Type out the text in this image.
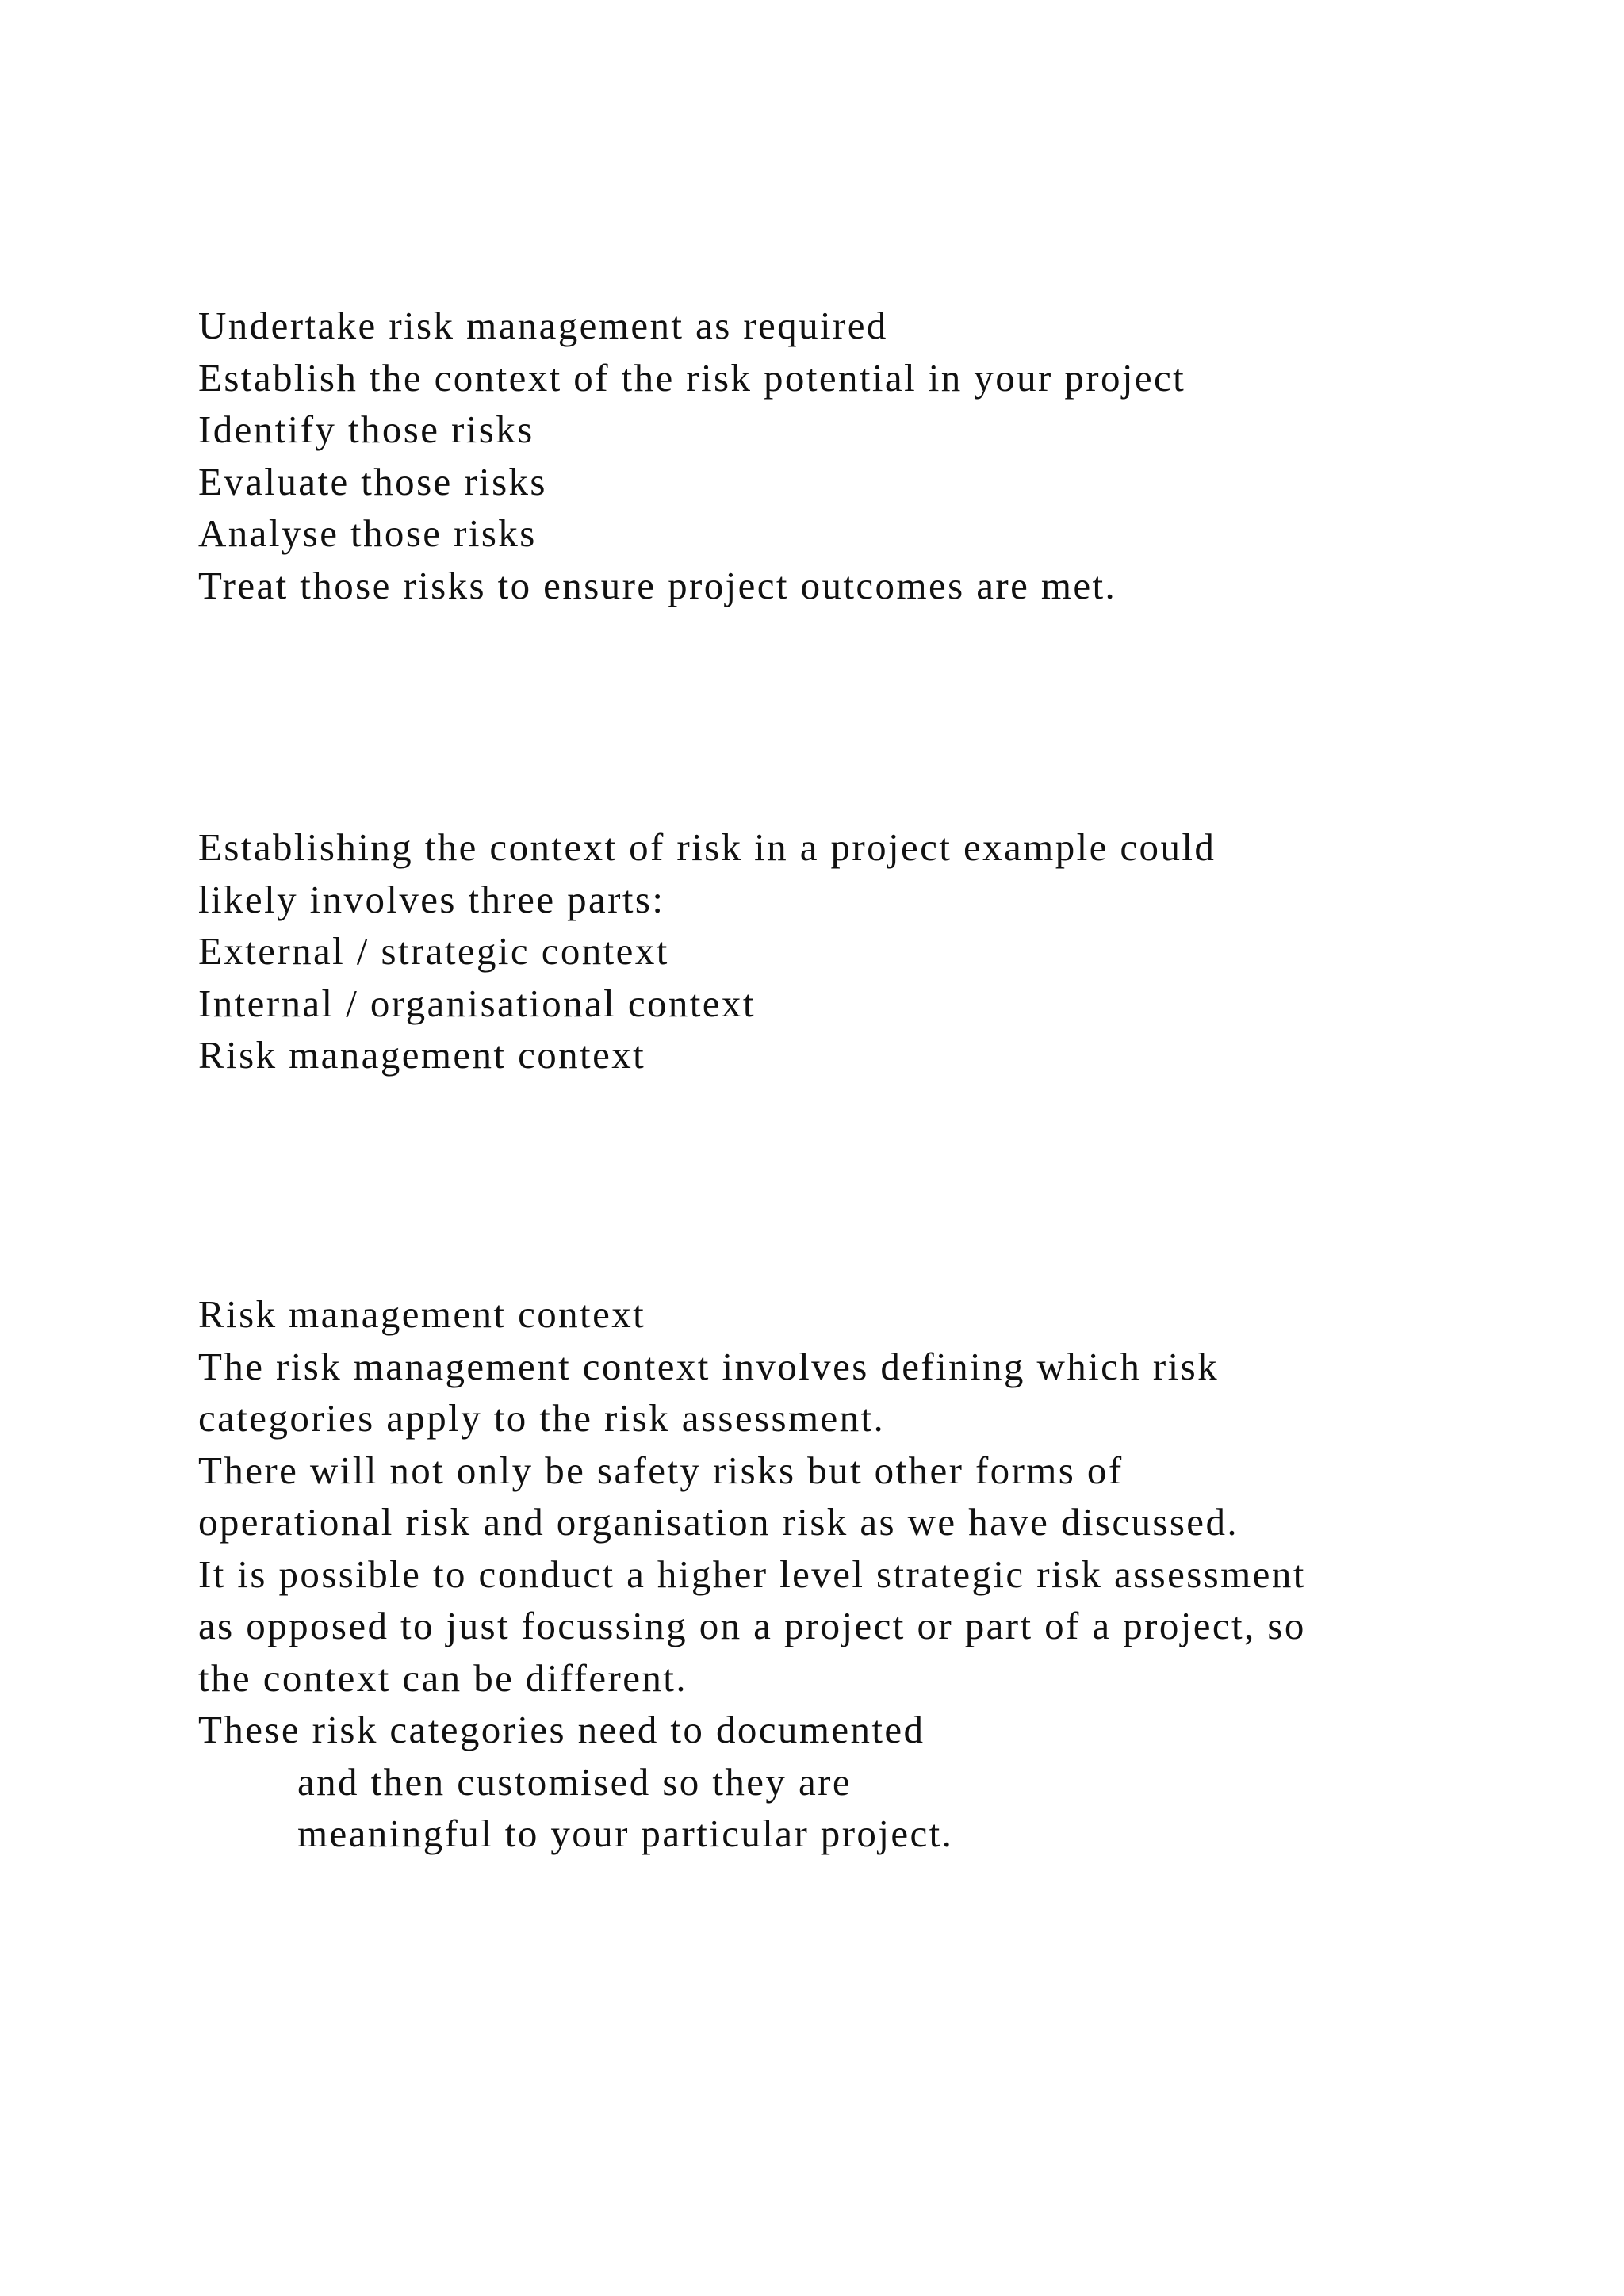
Undertake risk management as required

Establish the context of the risk potential in your project

Identify those risks

Evaluate those risks

Analyse those risks

Treat those risks to ensure project outcomes are met.

Establishing the context of risk in a project example could

likely involves three parts:

External / strategic context

Internal / organisational context

Risk management context

Risk management context

The risk management context involves defining which risk

categories apply to the risk assessment.

There will not only be safety risks but other forms of

operational risk and organisation risk as we have discussed.

It is possible to conduct a higher level strategic risk assessment

as opposed to just focussing on a project or part of a project, so

the context can be different.

These risk categories need to documented

and then customised so they are

meaningful to your particular project.
